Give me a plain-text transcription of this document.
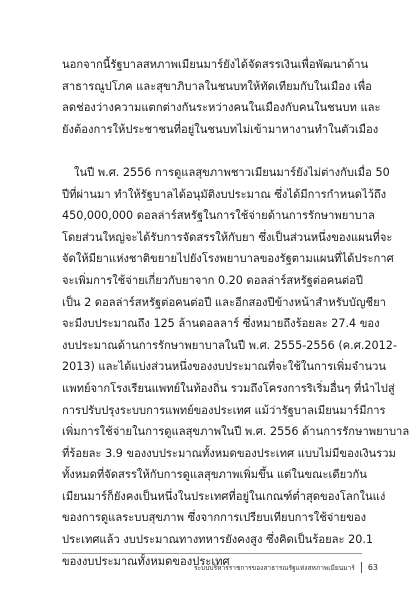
นอกจากนี้รัฐบาลสหภาพเมียนมาร์ยังได้จัดสรรเงินเพื่อพัฒนาด้าน
สาธารณูปโภค และสุขาภิบาลในชนบทให้ทัดเทียมกับในเมือง เพื่อ
ลดช่องว่างความแตกต่างกันระหว่างคนในเมืองกับคนในชนบท และ
ยังต้องการให้ประชาชนที่อยู่ในชนบทไม่เข้ามาหางานทำในตัวเมือง
ในปี พ.ศ. 2556 การดูแลสุขภาพชาวเมียนมาร์ยังไม่ต่างกับเมื่อ 50
ปีที่ผ่านมา ทำให้รัฐบาลได้อนุมัติงบประมาณ ซึ่งได้มีการกำหนดไว้ถึง
450,000,000 ดอลล่าร์สหรัฐในการใช้จ่ายด้านการรักษาพยาบาล
โดยส่วนใหญ่จะได้รับการจัดสรรให้กับยา ซึ่งเป็นส่วนหนึ่งของแผนที่จะ
จัดให้มียาแห่งชาติขยายไปยังโรงพยาบาลของรัฐตามแผนที่ได้ประกาศ
จะเพิ่มการใช้จ่ายเกี่ยวกับยาจาก 0.20 ดอลล่าร์สหรัฐต่อคนต่อปี
เป็น 2 ดอลล่าร์สหรัฐต่อคนต่อปี และอีกสองปีข้างหน้าสำหรับบัญชียา
จะมีงบประมาณถึง 125 ล้านดอลลาร์ ซึ่งหมายถึงร้อยละ 27.4 ของ
งบประมาณด้านการรักษาพยาบาลในปี พ.ศ. 2555-2556 (ค.ศ.2012-
2013) และได้แบ่งส่วนหนึ่งของงบประมาณที่จะใช้ในการเพิ่มจำนวน
แพทย์จากโรงเรียนแพทย์ในท้องถิ่น รวมถึงโครงการริเริ่มอื่นๆ ที่นำไปสู่
การปรับปรุงระบบการแพทย์ของประเทศ แม้ว่ารัฐบาลเมียนมาร์มีการ
เพิ่มการใช้จ่ายในการดูแลสุขภาพในปี พ.ศ. 2556 ด้านการรักษาพยาบาล
ที่ร้อยละ 3.9 ของงบประมาณทั้งหมดของประเทศ แบบไม่มีของเงินรวม
ทั้งหมดที่จัดสรรให้กับการดูแลสุขภาพเพิ่มขึ้น แต่ในขณะเดียวกัน
เมียนมาร์ก็ยังคงเป็นหนึ่งในประเทศที่อยู่ในเกณฑ์ต่ำสุดของโลกในแง่
ของการดูแลระบบสุขภาพ ซึ่งจากการเปรียบเทียบการใช้จ่ายของ
ประเทศแล้ว งบประมาณทางทหารยังคงสูง ซึ่งคิดเป็นร้อยละ 20.1
ของงบประมาณทั้งหมดของประเทศ
ระบบบริหารราชการของสาธารณรัฐแห่งสหภาพเมียนมาร์ 63
